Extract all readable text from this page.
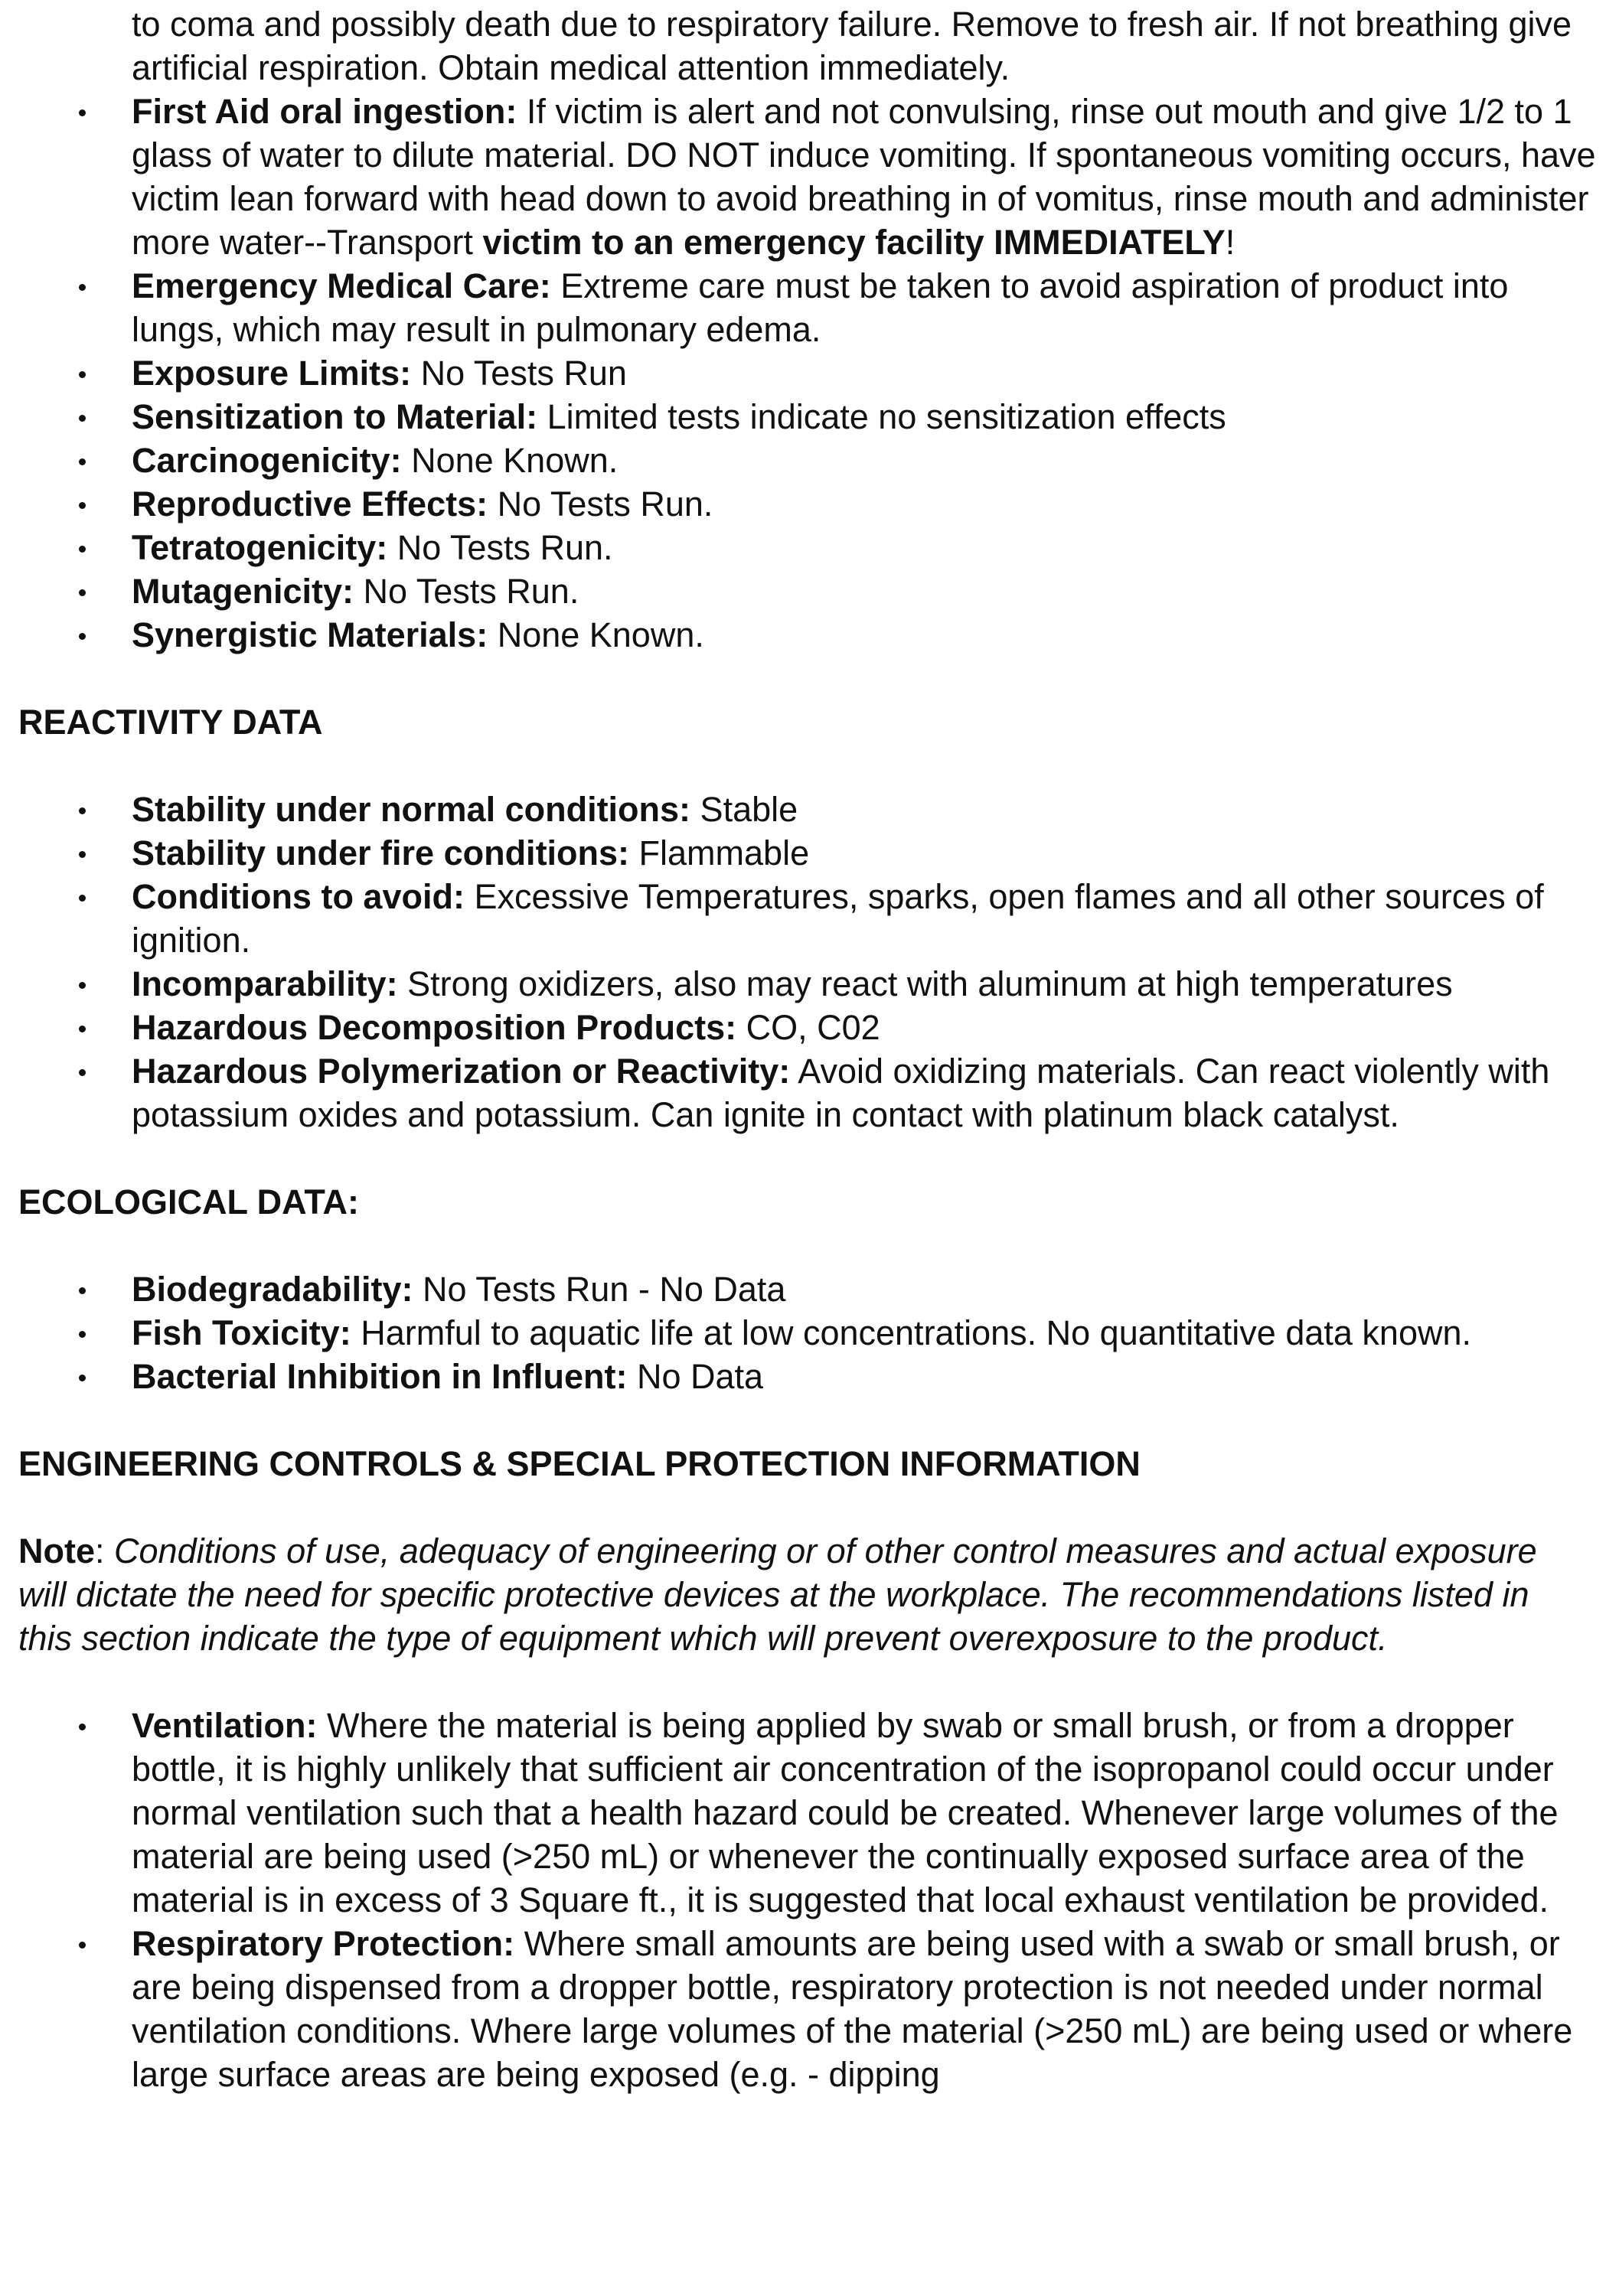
to coma and possibly death due to respiratory failure. Remove to fresh air. If not breathing give artificial respiration. Obtain medical attention immediately.
First Aid oral ingestion: If victim is alert and not convulsing, rinse out mouth and give 1/2 to 1 glass of water to dilute material. DO NOT induce vomiting. If spontaneous vomiting occurs, have victim lean forward with head down to avoid breathing in of vomitus, rinse mouth and administer more water--Transport victim to an emergency facility IMMEDIATELY!
Emergency Medical Care: Extreme care must be taken to avoid aspiration of product into lungs, which may result in pulmonary edema.
Exposure Limits: No Tests Run
Sensitization to Material: Limited tests indicate no sensitization effects
Carcinogenicity: None Known.
Reproductive Effects: No Tests Run.
Tetratogenicity: No Tests Run.
Mutagenicity: No Tests Run.
Synergistic Materials: None Known.
REACTIVITY DATA
Stability under normal conditions: Stable
Stability under fire conditions: Flammable
Conditions to avoid: Excessive Temperatures, sparks, open flames and all other sources of ignition.
Incomparability: Strong oxidizers, also may react with aluminum at high temperatures
Hazardous Decomposition Products: CO, C02
Hazardous Polymerization or Reactivity: Avoid oxidizing materials. Can react violently with potassium oxides and potassium. Can ignite in contact with platinum black catalyst.
ECOLOGICAL DATA:
Biodegradability: No Tests Run - No Data
Fish Toxicity: Harmful to aquatic life at low concentrations. No quantitative data known.
Bacterial Inhibition in Influent: No Data
ENGINEERING CONTROLS & SPECIAL PROTECTION INFORMATION
Note: Conditions of use, adequacy of engineering or of other control measures and actual exposure will dictate the need for specific protective devices at the workplace. The recommendations listed in this section indicate the type of equipment which will prevent overexposure to the product.
Ventilation: Where the material is being applied by swab or small brush, or from a dropper bottle, it is highly unlikely that sufficient air concentration of the isopropanol could occur under normal ventilation such that a health hazard could be created. Whenever large volumes of the material are being used (>250 mL) or whenever the continually exposed surface area of the material is in excess of 3 Square ft., it is suggested that local exhaust ventilation be provided.
Respiratory Protection: Where small amounts are being used with a swab or small brush, or are being dispensed from a dropper bottle, respiratory protection is not needed under normal ventilation conditions. Where large volumes of the material (>250 mL) are being used or where large surface areas are being exposed (e.g. - dipping
